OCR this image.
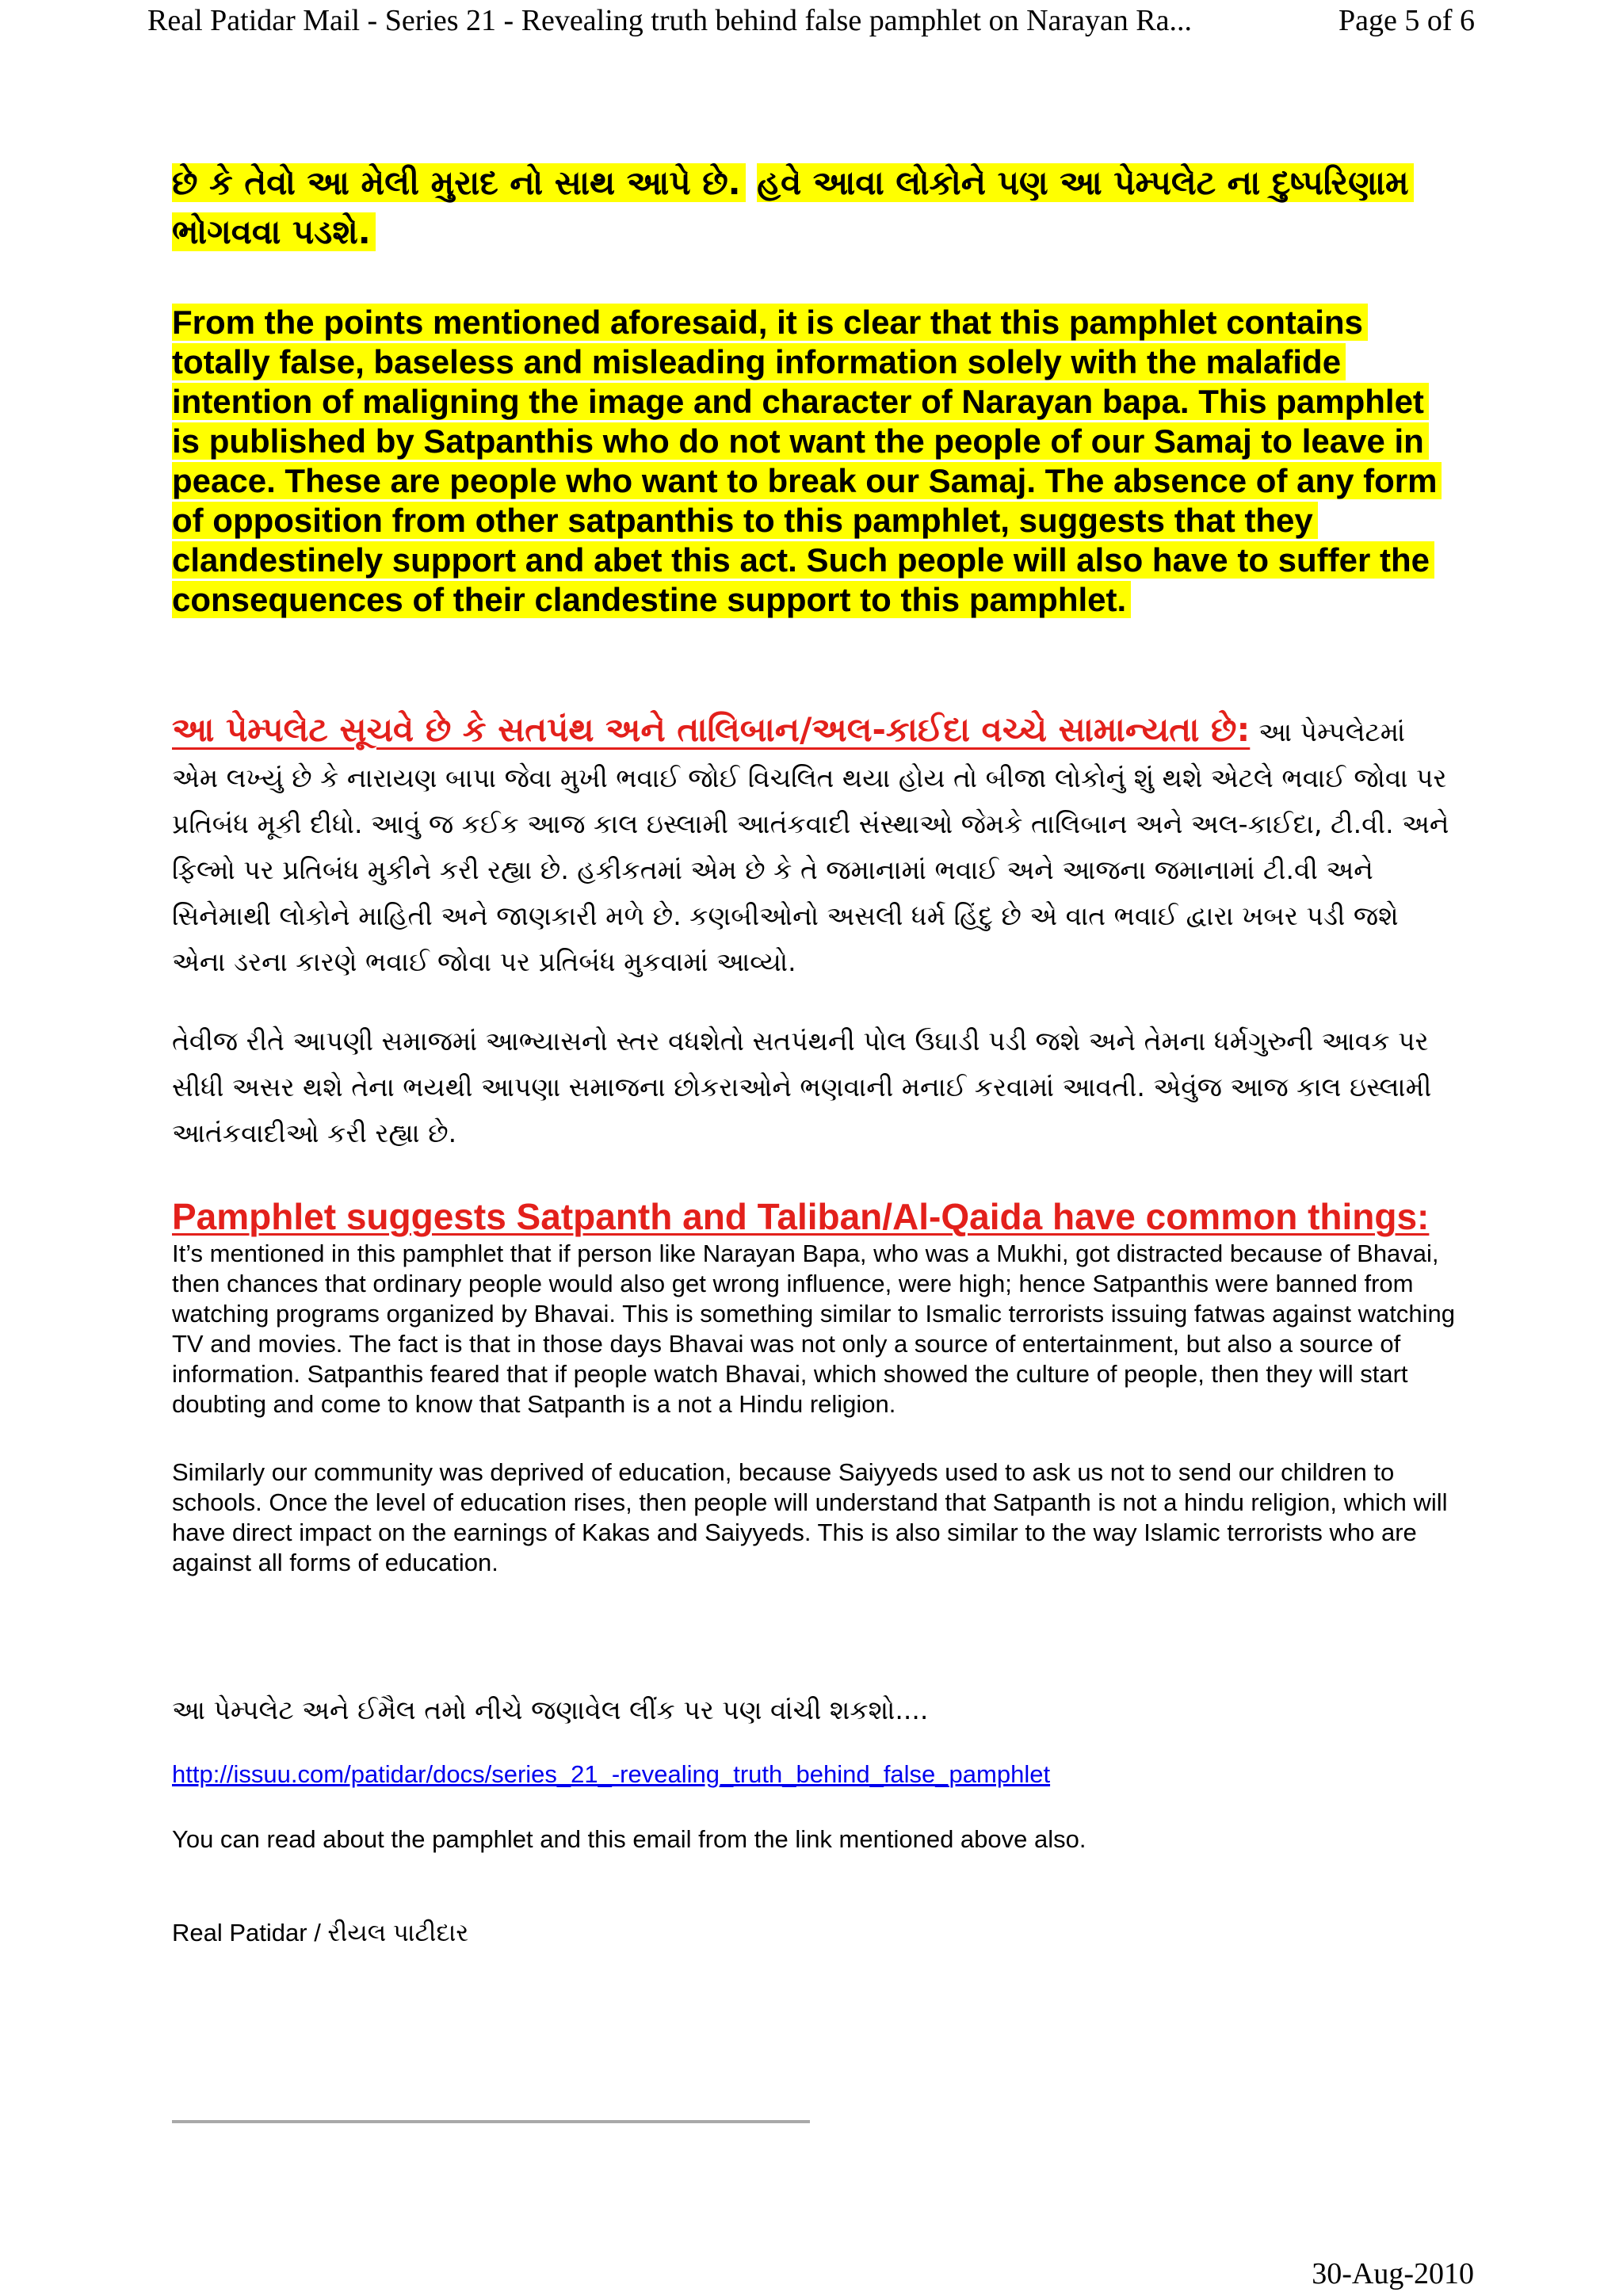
Real Patidar Mail - Series 21 - Revealing truth behind false pamphlet on Narayan Ra...	Page 5 of 6

છે કે તેવો આ મેલી મુરાદ નો સાથ આપે છે. હવે આવા લોકોને પણ આ પેમ્પલેટ ના દુષ્પરિણામ ભોગવવા પડશે.

From the points mentioned aforesaid, it is clear that this pamphlet contains totally false, baseless and misleading information solely with the malafide intention of maligning the image and character of Narayan bapa. This pamphlet is published by Satpanthis who do not want the people of our Samaj to leave in peace. These are people who want to break our Samaj. The absence of any form of opposition from other satpanthis to this pamphlet, suggests that they clandestinely support and abet this act. Such people will also have to suffer the consequences of their clandestine support to this pamphlet.

આ પેમ્પલેટ સૂચવે છે કે સતપંથ અને તાલિબાન/અલ-કાઈદા વચ્ચે સામાન્યતા છે: આ પેમ્પલેટમાં એમ લખ્યું છે કે નારાયણ બાપા જેવા મુખી ભવાઈ જોઈ વિચલિત થયા હોય તો બીજા લોકોનું શું થશે એટલે ભવાઈ જોવા પર પ્રતિબંધ મૂકી દીધો. આવું જ કઈક આજ કાલ ઇસ્લામી આતંકવાદી સંસ્થાઓ જેમકે તાલિબાન અને અલ-કાઈદા, ટી.વી. અને ફિલ્મો પર પ્રતિબંધ મુકીને કરી રહ્યા છે. હકીકતમાં એમ છે કે તે જમાનામાં ભવાઈ અને આજના જમાનામાં ટી.વી અને સિનેમાથી લોકોને માહિતી અને જાણકારી મળે છે. કણબીઓનો અસલી ધર્મ હિંદુ છે એ વાત ભવાઈ દ્વારા ખબર પડી જશે એના ડરના કારણે ભવાઈ જોવા પર પ્રતિબંધ મુકવામાં આવ્યો.

તેવીજ રીતે આપણી સમાજમાં આભ્યાસનો સ્તર વધશેતો સતપંથની પોલ ઉઘાડી પડી જશે અને તેમના ધર્મગુરુની આવક પર સીધી અસર થશે તેના ભયથી આપણા સમાજના છોકરાઓને ભણવાની મનાઈ કરવામાં આવતી. એવુંજ આજ કાલ ઇસ્લામી આતંકવાદીઓ કરી રહ્યા છે.

Pamphlet suggests Satpanth and Taliban/Al-Qaida have common things: It’s mentioned in this pamphlet that if person like Narayan Bapa, who was a Mukhi, got distracted because of Bhavai, then chances that ordinary people would also get wrong influence, were high; hence Satpanthis were banned from watching programs organized by Bhavai. This is something similar to Ismalic terrorists issuing fatwas against watching TV and movies. The fact is that in those days Bhavai was not only a source of entertainment, but also a source of information. Satpanthis feared that if people watch Bhavai, which showed the culture of people, then they will start doubting and come to know that Satpanth is a not a Hindu religion.

Similarly our community was deprived of education, because Saiyyeds used to ask us not to send our children to schools. Once the level of education rises, then people will understand that Satpanth is not a hindu religion, which will have direct impact on the earnings of Kakas and Saiyyeds. This is also similar to the way Islamic terrorists who are against all forms of education.

આ પેમ્પલેટ અને ઈમૈલ તમો નીચે જણાવેલ લીંક પર પણ વાંચી શકશો....
http://issuu.com/patidar/docs/series_21_-revealing_truth_behind_false_pamphlet
You can read about the pamphlet and this email from the link mentioned above also.
Real Patidar / રીયલ પાટીદાર
30-Aug-2010
